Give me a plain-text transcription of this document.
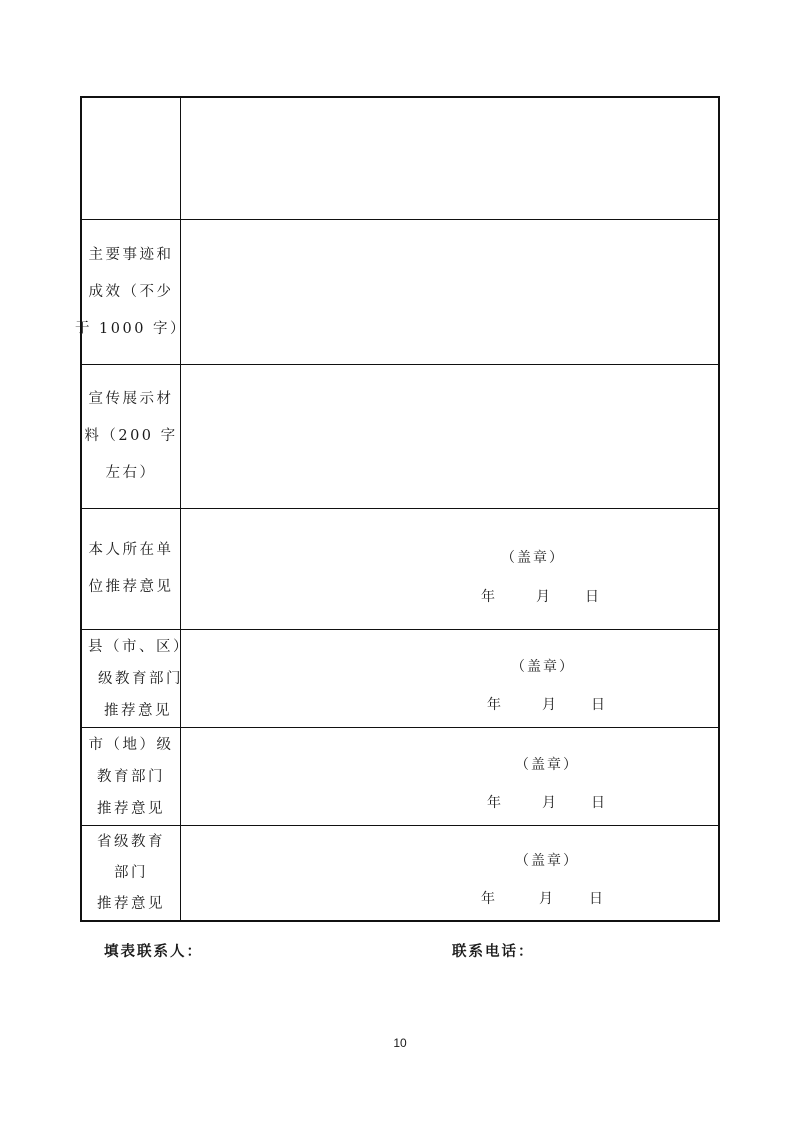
主要事迹和
成效（不少
于 1000 字）
宣传展示材
料（200 字
左右）
本人所在单
位推荐意见
（盖章）
年	月	日
县（市、区）
级教育部门
推荐意见
（盖章）
年	月	日
市（地）级
教育部门
推荐意见
（盖章）
年	月	日
省级教育
部门
推荐意见
（盖章）
年	月	日
填表联系人：	联系电话：
10
